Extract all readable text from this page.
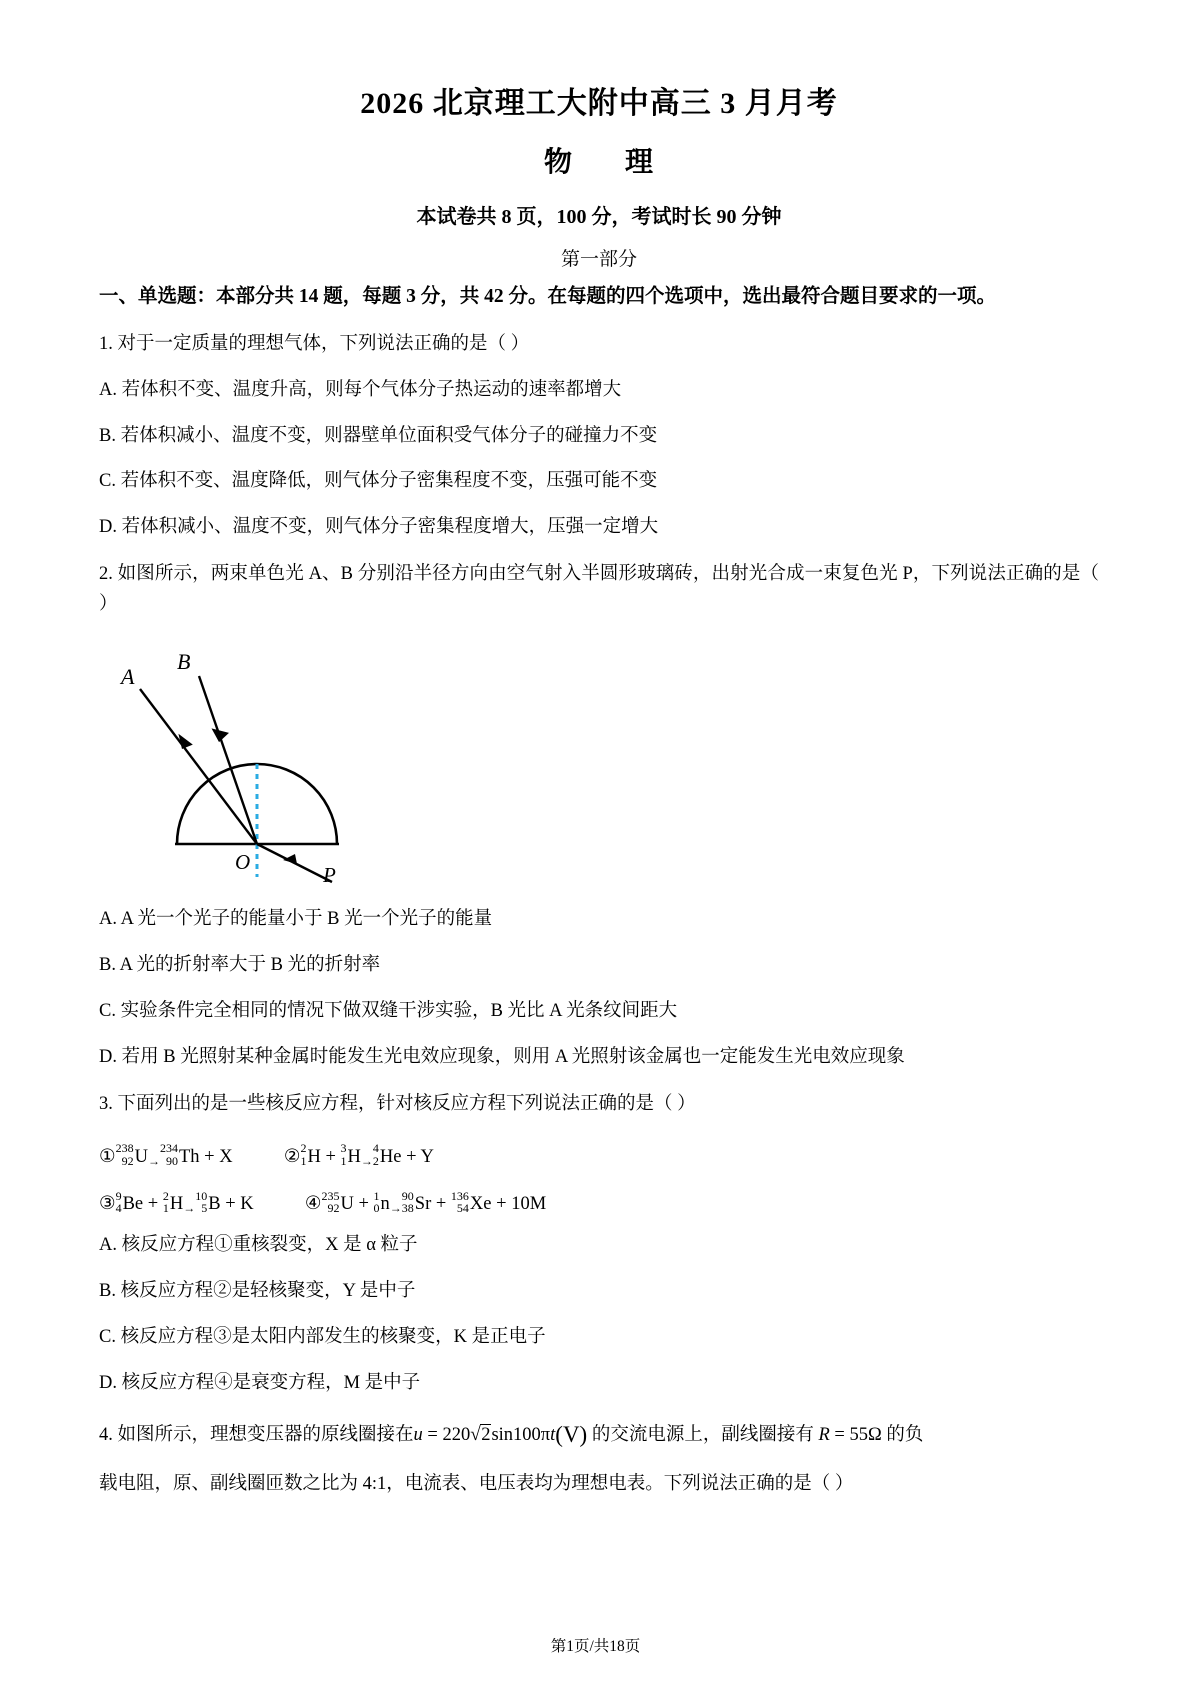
2026 北京理工大附中高三 3 月月考
物 理
本试卷共 8 页，100 分，考试时长 90 分钟
第一部分
一、单选题：本部分共 14 题，每题 3 分，共 42 分。在每题的四个选项中，选出最符合题目要求的一项。
1. 对于一定质量的理想气体，下列说法正确的是（ ）
A. 若体积不变、温度升高，则每个气体分子热运动的速率都增大
B. 若体积减小、温度不变，则器壁单位面积受气体分子的碰撞力不变
C. 若体积不变、温度降低，则气体分子密集程度不变，压强可能不变
D. 若体积减小、温度不变，则气体分子密集程度增大，压强一定增大
2. 如图所示，两束单色光 A、B 分别沿半径方向由空气射入半圆形玻璃砖，出射光合成一束复色光 P，下列说法正确的是（ ）
A
B
O
P
A. A 光一个光子的能量小于 B 光一个光子的能量
B. A 光的折射率大于 B 光的折射率
C. 实验条件完全相同的情况下做双缝干涉实验，B 光比 A 光条纹间距大
D. 若用 B 光照射某种金属时能发生光电效应现象，则用 A 光照射该金属也一定能发生光电效应现象
3. 下面列出的是一些核反应方程，针对核反应方程下列说法正确的是（ ）
① 238
92 U

→
234
90 Th + X	② 2
1 H + 3
1 H

→
4
2 He + Y
③ 9
4 Be + 2
1 H

→
10
5 B + K	④ 235
92 U + 1
0 n

→
90
38 Sr + 136
54 Xe + 10M
A. 核反应方程①重核裂变，X 是 α 粒子
B. 核反应方程②是轻核聚变，Y 是中子
C. 核反应方程③是太阳内部发生的核聚变，K 是正电子
D. 核反应方程④是衰变方程，M 是中子
4. 如图所示，理想变压器的原线圈接在u = 220 √ 2sin100πt(V) 的交流电源上，副线圈接有 R = 55Ω 的负
载电阻，原、副线圈匝数之比为 4:1，电流表、电压表均为理想电表。下列说法正确的是（ ）
第1页/共18页
